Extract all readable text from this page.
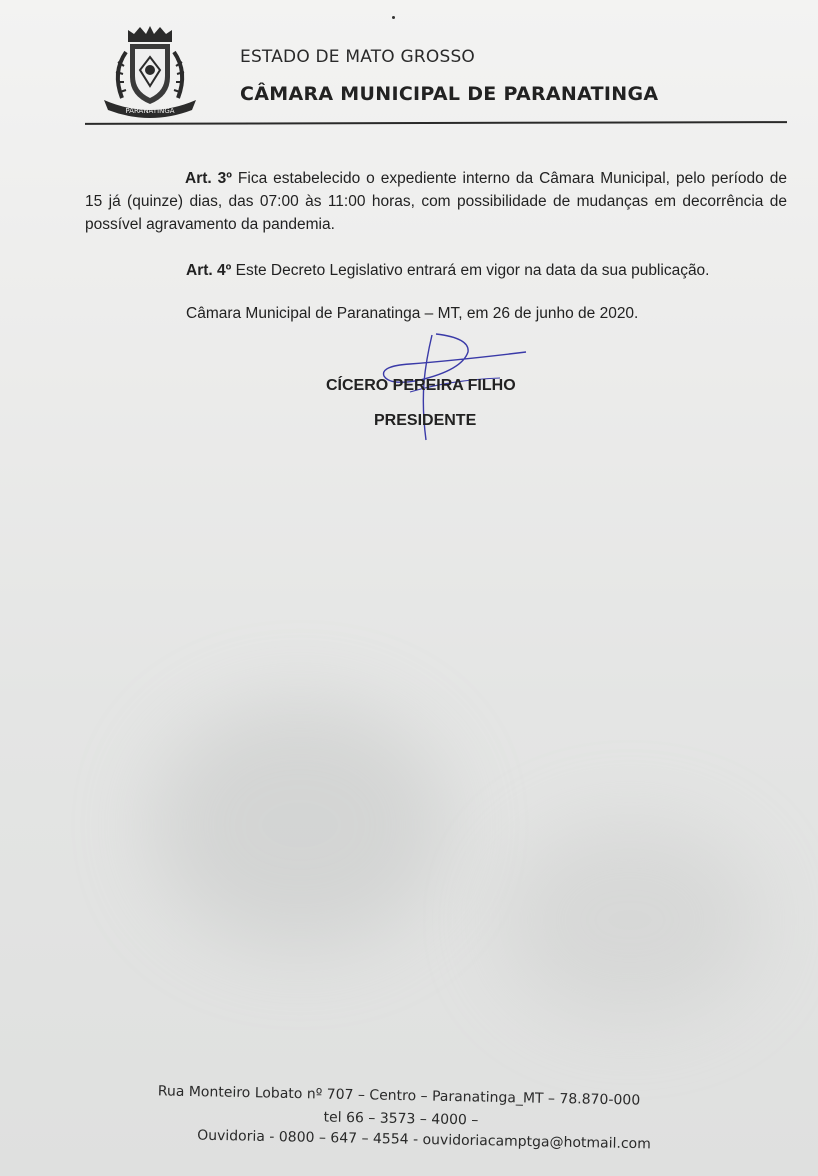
PARANATINGA
ESTADO DE MATO GROSSO
CÂMARA MUNICIPAL DE PARANATINGA
Art. 3º Fica estabelecido o expediente interno da Câmara Municipal, pelo período de 15 já (quinze) dias, das 07:00 às 11:00 horas, com possibilidade de mudanças em decorrência de possível agravamento da pandemia.
Art. 4º Este Decreto Legislativo entrará em vigor na data da sua publicação.
Câmara Municipal de Paranatinga – MT, em 26 de junho de 2020.
CÍCERO PEREIRA FILHO
PRESIDENTE
Rua Monteiro Lobato nº 707 – Centro – Paranatinga_MT – 78.870-000
tel 66 – 3573 – 4000 –
Ouvidoria - 0800 – 647 – 4554 - ouvidoriacamptga@hotmail.com
